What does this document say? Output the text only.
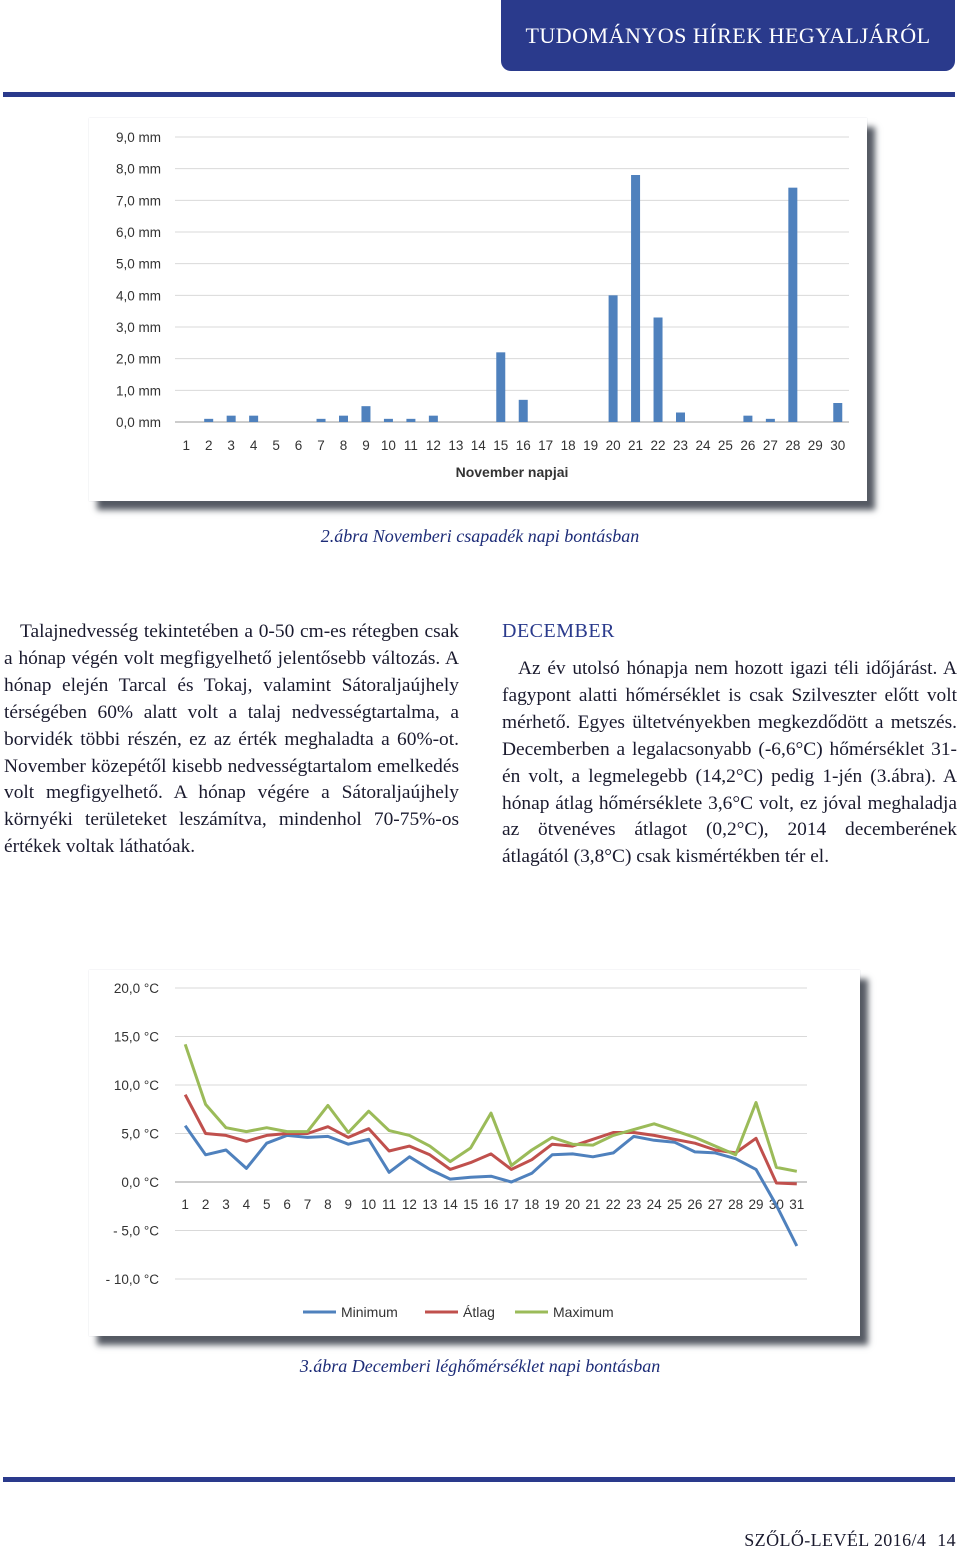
TUDOMÁNYOS HÍREK HEGYALJÁRÓL
0,0 mm
1,0 mm
2,0 mm
3,0 mm
4,0 mm
5,0 mm
6,0 mm
7,0 mm
8,0 mm
9,0 mm
1 2 3 4 5 6 7 8 9 10 11 12 13 14 15 16 17 18 19 20 21 22 23 24 25 26 27 28 29 30
November napjai
2.ábra Novemberi csapadék napi bontásban
Talajnedvesség tekintetében a 0-50 cm-es rétegben csak a hónap végén volt megfigyelhető jelentősebb változás. A hónap elején Tarcal és Tokaj, valamint Sátoraljaújhely térségében 60% alatt volt a talaj nedvességtartalma, a borvidék többi részén, ez az érték meghaladta a 60%-ot. November közepétől kisebb nedvességtartalom emelkedés volt megfigyelhető. A hónap végére a Sátoraljaújhely környéki területeket leszámítva, mindenhol 70-75%-os értékek voltak láthatóak.
DECEMBER
Az év utolsó hónapja nem hozott igazi téli időjárást. A fagypont alatti hőmérséklet is csak Szilveszter előtt volt mérhető. Egyes ültetvényekben megkezdődött a metszés. Decemberben a legalacsonyabb (-6,6°C) hőmérséklet 31-én volt, a legmelegebb (14,2°C) pedig 1-jén (3.ábra). A hónap átlag hőmérséklete 3,6°C volt, ez jóval meghaladja az ötvenéves átlagot (0,2°C), 2014 decemberének átlagától (3,8°C) csak kismértékben tér el.
20,0 °C
15,0 °C
10,0 °C
5,0 °C
0,0 °C
- 5,0 °C
- 10,0 °C
1 2 3 4 5 6 7 8 9 10 11 12 13 14 15 16 17 18 19 20 21 22 23 24 25 26 27 28 29 30 31
Minimum	Átlag	Maximum
3.ábra Decemberi léghőmérséklet napi bontásban
SZŐLŐ-LEVÉL 2016/4 14
